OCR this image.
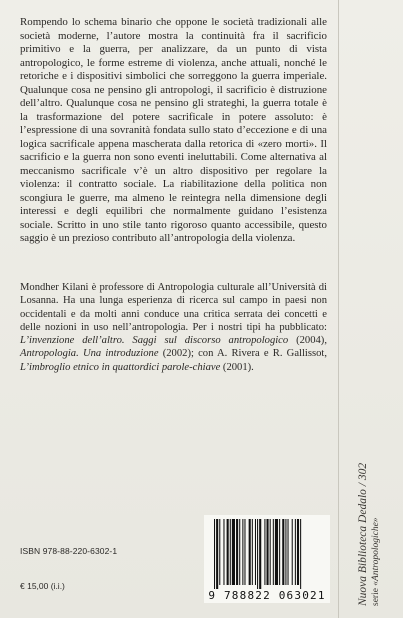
Rompendo lo schema binario che oppone le società tradizionali alle società moderne, l’autore mostra la continuità fra il sacrificio primitivo e la guerra, per analizzare, da un punto di vista antropologico, le forme estreme di violenza, anche attuali, nonché le retoriche e i dispositivi simbolici che sorreggono la guerra imperiale. Qualunque cosa ne pensino gli antropologi, il sacrificio è distruzione dell’altro. Qualunque cosa ne pensino gli strateghi, la guerra totale è la trasformazione del potere sacrificale in potere assoluto: è l’espressione di una sovranità fondata sullo stato d’eccezione e di una logica sacrificale appena mascherata dalla retorica di «zero morti». Il sacrificio e la guerra non sono eventi ineluttabili. Come alternativa al meccanismo sacrificale v’è un altro dispositivo per regolare la violenza: il contratto sociale. La riabilitazione della politica non scongiura le guerre, ma almeno le reintegra nella dimensione degli interessi e degli equilibri che normalmente guidano l’esistenza sociale. Scritto in uno stile tanto rigoroso quanto accessibile, questo saggio è un prezioso contributo all’antropologia della violenza.

Mondher Kilani è professore di Antropologia culturale all’Università di Losanna. Ha una lunga esperienza di ricerca sul campo in paesi non occidentali e da molti anni conduce una critica serrata dei concetti e delle nozioni in uso nell’antropologia. Per i nostri tipi ha pubblicato: L’invenzione dell’altro. Saggi sul discorso antropologico (2004), Antropologia. Una introduzione (2002); con A. Rivera e R. Gallissot, L’imbroglio etnico in quattordici parole-chiave (2001).

ISBN 978-88-220-6302-1
€ 15,00 (i.i.)
9 788822 063021	Nuova Biblioteca Dedalo / 302 serie «Antropologiche»
